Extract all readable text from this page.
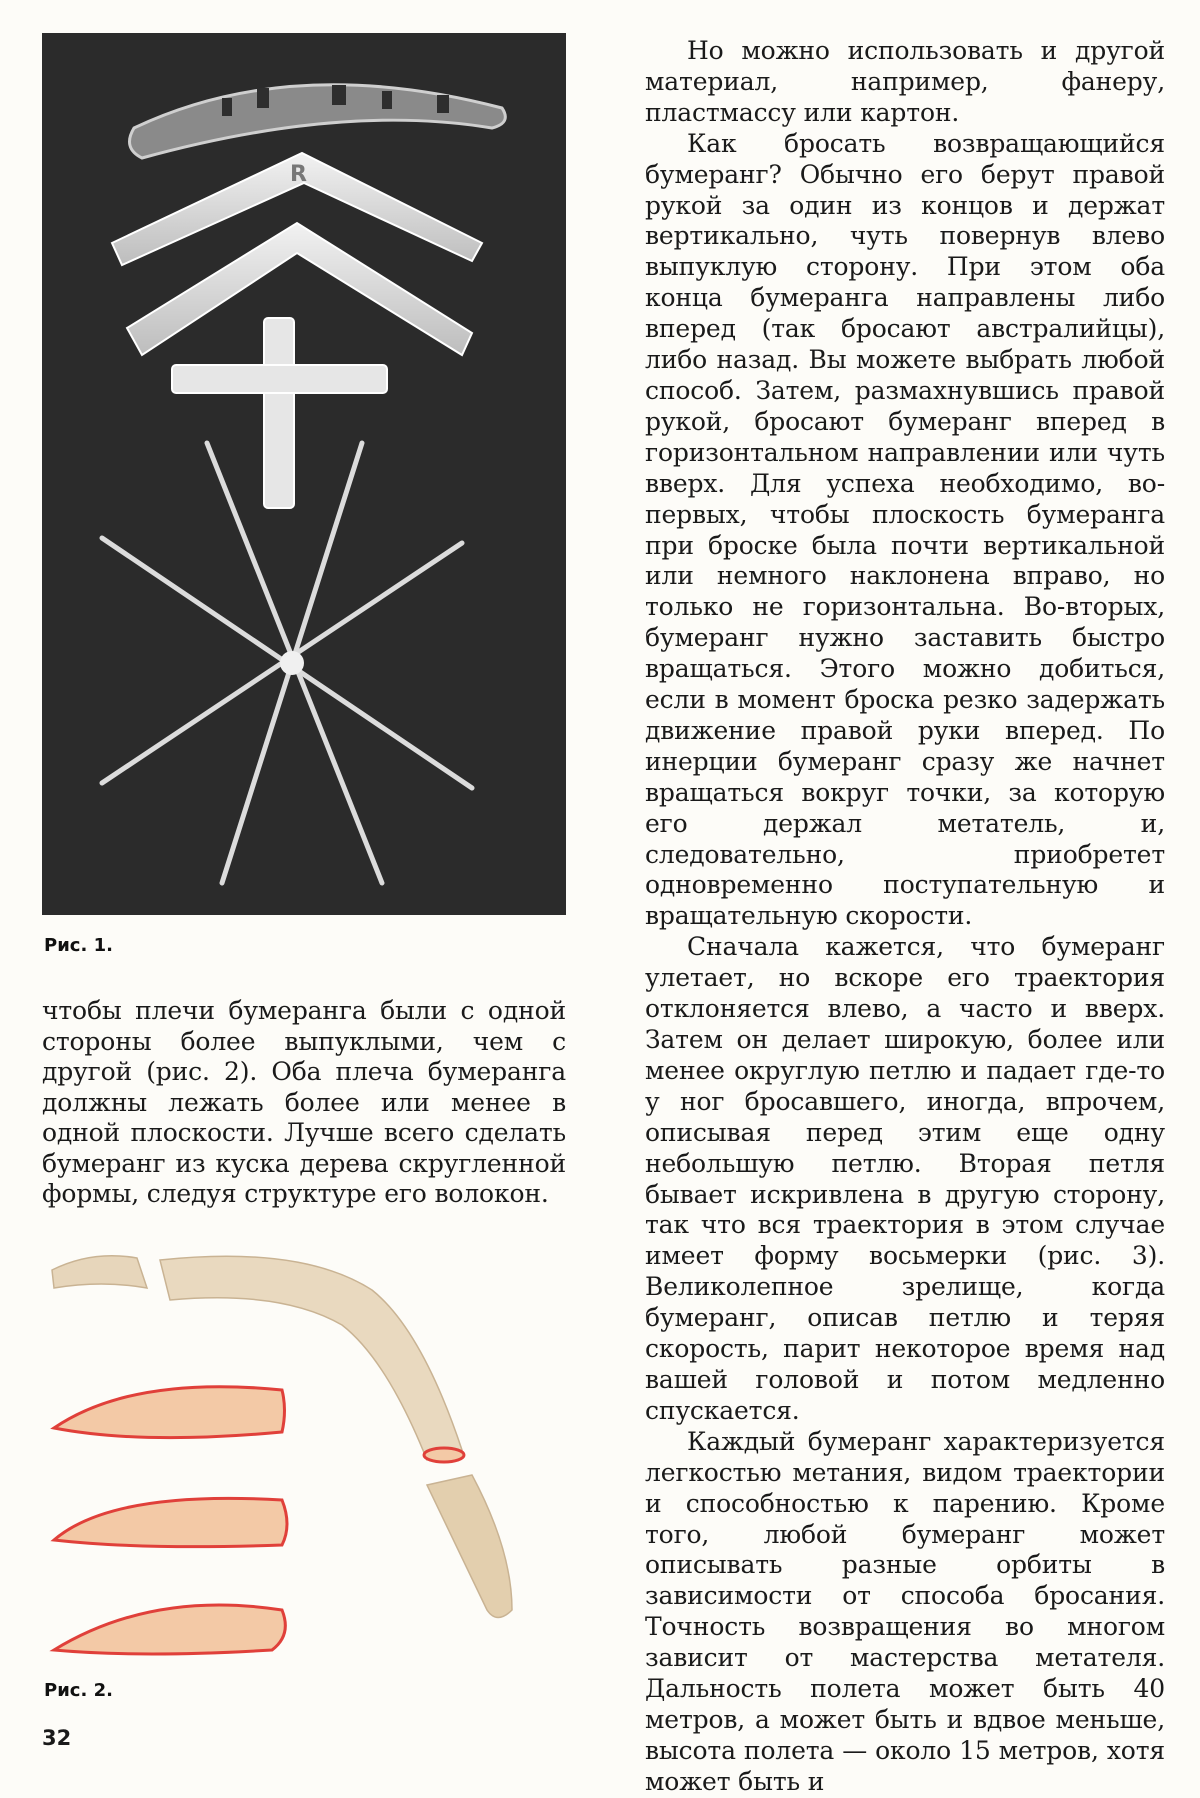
R
Рис. 1.

чтобы плечи бумеранга были с одной стороны более выпуклыми, чем с другой (рис. 2). Оба плеча бумеранга должны лежать более или менее в одной плоскости. Лучше всего сделать бумеранг из куска дерева скругленной формы, следуя структуре его волокон.

Рис. 2.
32

Но можно использовать и другой материал, например, фанеру, пластмассу или картон.

Как бросать возвращающийся бумеранг? Обычно его берут правой рукой за один из концов и держат вертикально, чуть повернув влево выпуклую сторону. При этом оба конца бумеранга направлены либо вперед (так бросают австралийцы), либо назад. Вы можете выбрать любой способ. Затем, размахнувшись правой рукой, бросают бумеранг вперед в горизонтальном направлении или чуть вверх. Для успеха необходимо, во-первых, чтобы плоскость бумеранга при броске была почти вертикальной или немного наклонена вправо, но только не горизонтальна. Во-вторых, бумеранг нужно заставить быстро вращаться. Этого можно добиться, если в момент броска резко задержать движение правой руки вперед. По инерции бумеранг сразу же начнет вращаться вокруг точки, за которую его держал метатель, и, следовательно, приобретет одновременно поступательную и вращательную скорости.

Сначала кажется, что бумеранг улетает, но вскоре его траектория отклоняется влево, а часто и вверх. Затем он делает широкую, более или менее округлую петлю и падает где-то у ног бросавшего, иногда, впрочем, описывая перед этим еще одну небольшую петлю. Вторая петля бывает искривлена в другую сторону, так что вся траектория в этом случае имеет форму восьмерки (рис. 3). Великолепное зрелище, когда бумеранг, описав петлю и теряя скорость, парит некоторое время над вашей головой и потом медленно спускается.

Каждый бумеранг характеризуется легкостью метания, видом траектории и способностью к парению. Кроме того, любой бумеранг может описывать разные орбиты в зависимости от способа бросания. Точность возвращения во многом зависит от мастерства метателя. Дальность полета может быть 40 метров, а может быть и вдвое меньше, высота полета — около 15 метров, хотя может быть и
